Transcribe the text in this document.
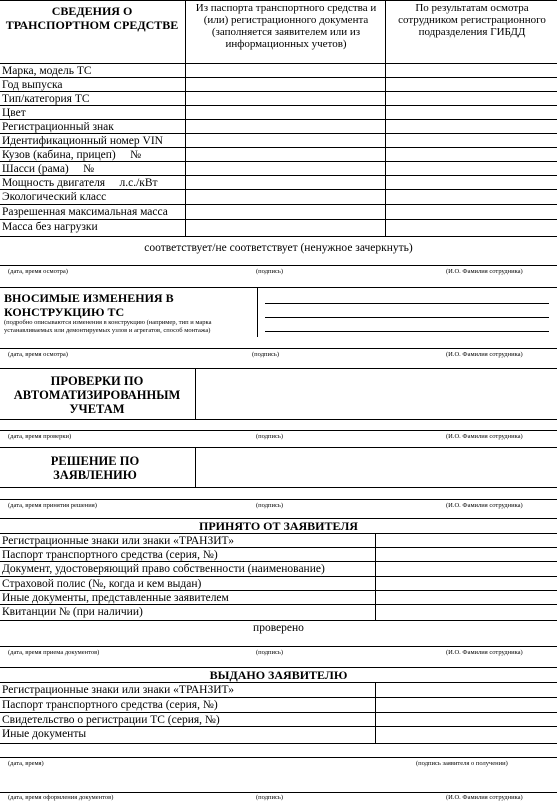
СВЕДЕНИЯ О ТРАНСПОРТНОМ СРЕДСТВЕ
Из паспорта транспортного средства и (или) регистрационного документа (заполняется заявителем или из информационных учетов)
По результатам осмотра сотрудником регистрационного подразделения ГИБДД
Марка, модель ТС
Год выпуска
Тип/категория ТС
Цвет
Регистрационный знак
Идентификационный номер VIN
Кузов (кабина, прицеп)     №
Шасси (рама)     №
Мощность двигателя     л.с./кВт
Экологический класс
Разрешенная максимальная масса
Масса без нагрузки
соответствует/не соответствует (ненужное зачеркнуть)
(дата, время осмотра)	(подпись)	(И.О. Фамилия сотрудника)
ВНОСИМЫЕ ИЗМЕНЕНИЯ В КОНСТРУКЦИЮ ТС
(подробно описываются изменения в конструкцию (например, тип и марка устанавливаемых или демонтируемых узлов и агрегатов, способ монтажа)
(дата, время осмотра)	(подпись)	(И.О. Фамилия сотрудника)
ПРОВЕРКИ ПО АВТОМАТИЗИРОВАННЫМ УЧЕТАМ
(дата, время проверки)	(подпись)	(И.О. Фамилия сотрудника)
РЕШЕНИЕ ПО ЗАЯВЛЕНИЮ
(дата, время принятия решения)	(подпись)	(И.О. Фамилия сотрудника)
ПРИНЯТО ОТ ЗАЯВИТЕЛЯ
Регистрационные знаки или знаки «ТРАНЗИТ»
Паспорт транспортного средства (серия, №)
Документ, удостоверяющий право собственности (наименование)
Страховой полис (№, когда и кем выдан)
Иные документы, представленные заявителем
Квитанции № (при наличии)
проверено
(дата, время приема документов)	(подпись)	(И.О. Фамилия сотрудника)
ВЫДАНО ЗАЯВИТЕЛЮ
Регистрационные знаки или знаки «ТРАНЗИТ»
Паспорт транспортного средства (серия, №)
Свидетельство о регистрации ТС (серия, №)
Иные документы
(дата, время)	(подпись заявителя о получении)
(дата, время оформления документов)	(подпись)	(И.О. Фамилия сотрудника)
